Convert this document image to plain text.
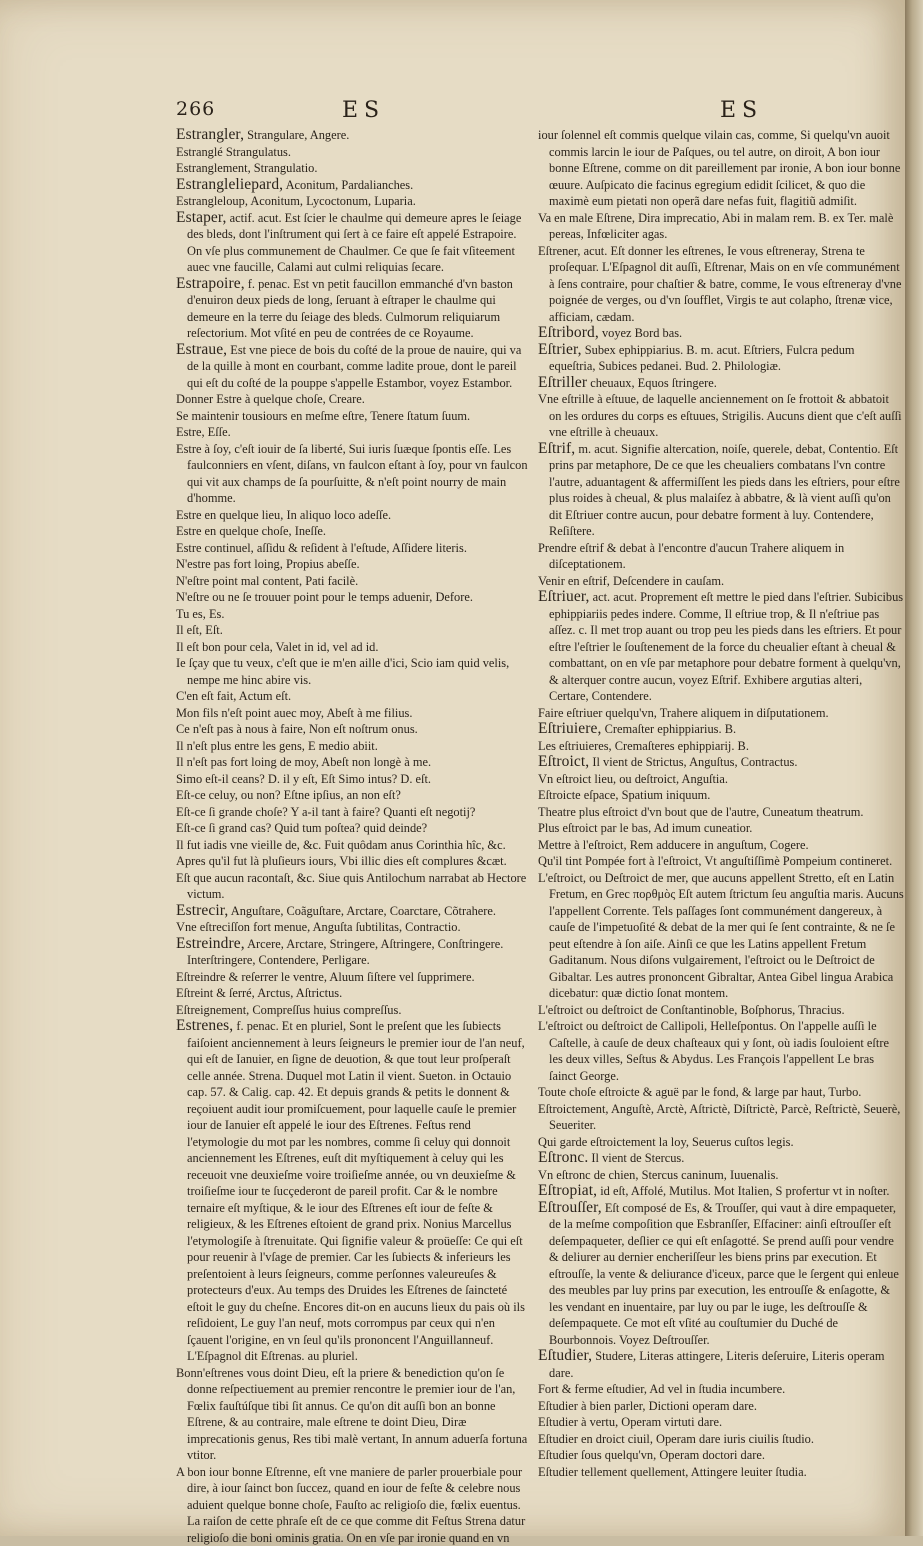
266	ES	ES

Estrangler, Strangulare, Angere.

Estranglé Strangulatus.

Estranglement, Strangulatio.

Estrangleliepard, Aconitum, Pardalianches.

Estrangleloup, Aconitum, Lycoctonum, Luparia.

Estaper, actif. acut. Est ſcier le chaulme qui demeure apres le ſeiage des bleds, dont l'inſtrument qui ſert à ce faire eſt appelé Estrapoire. On vſe plus communement de Chaulmer. Ce que ſe fait vſiteement auec vne faucille, Calami aut culmi reliquias ſecare.

Estrapoire, f. penac. Est vn petit faucillon emmanché d'vn baston d'enuiron deux pieds de long, ſeruant à eſtraper le chaulme qui demeure en la terre du ſeiage des bleds. Culmorum reliquiarum reſectorium. Mot vſité en peu de contrées de ce Royaume.

Estraue, Est vne piece de bois du coſté de la proue de nauire, qui va de la quille à mont en courbant, comme ladite proue, dont le pareil qui eſt du coſté de la pouppe s'appelle Estambor, voyez Estambor.

Donner Estre à quelque choſe, Creare.

Se maintenir tousiours en meſme eſtre, Tenere ſtatum ſuum.

Estre, Eſſe.

Estre à ſoy, c'eſt iouir de ſa liberté, Sui iuris ſuæque ſpontis eſſe. Les faulconniers en vſent, diſans, vn faulcon eſtant à ſoy, pour vn faulcon qui vit aux champs de ſa pourſuitte, & n'eſt point nourry de main d'homme.

Estre en quelque lieu, In aliquo loco adeſſe.

Estre en quelque choſe, Ineſſe.

Estre continuel, aſſidu & reſident à l'eſtude, Aſſidere literis.

N'estre pas fort loing, Propius abeſſe.

N'eſtre point mal content, Pati facilè.

N'eſtre ou ne ſe trouuer point pour le temps aduenir, Defore.

Tu es, Es.

Il eſt, Eſt.

Il eſt bon pour cela, Valet in id, vel ad id.

Ie ſçay que tu veux, c'eſt que ie m'en aille d'ici, Scio iam quid velis, nempe me hinc abire vis.

C'en eſt fait, Actum eſt.

Mon fils n'eſt point auec moy, Abeſt à me filius.

Ce n'eſt pas à nous à faire, Non eſt noſtrum onus.

Il n'eſt plus entre les gens, E medio abiit.

Il n'eſt pas fort loing de moy, Abeſt non longè à me.

Simo eſt-il ceans? D. il y eſt, Eſt Simo intus? D. eſt.

Eſt-ce celuy, ou non? Eſtne ipſius, an non eſt?

Eſt-ce ſi grande choſe? Y a-il tant à faire? Quanti eſt negotij?

Eſt-ce ſi grand cas? Quid tum poſtea? quid deinde?

Il fut iadis vne vieille de, &c. Fuit quôdam anus Corinthia hîc, &c.

Apres qu'il fut là pluſieurs iours, Vbi illic dies eſt complures &cæt.

Eſt que aucun racontaſt, &c. Siue quis Antilochum narrabat ab Hectore victum.

Estrecir, Anguſtare, Coãguſtare, Arctare, Coarctare, Cõtrahere.

Vne eſtreciſſon fort menue, Anguſta ſubtilitas, Contractio.

Estreindre, Arcere, Arctare, Stringere, Aſtringere, Conſtringere. Interſtringere, Contendere, Perligare.

Eſtreindre & reſerrer le ventre, Aluum ſiſtere vel ſupprimere.

Eſtreint & ſerré, Arctus, Aſtrictus.

Eſtreignement, Compreſſus huius compreſſus.

Estrenes, f. penac. Et en pluriel, Sont le preſent que les ſubiects faiſoient anciennement à leurs ſeigneurs le premier iour de l'an neuf, qui eſt de Ianuier, en ſigne de deuotion, & que tout leur proſperaſt celle année. Strena. Duquel mot Latin il vient. Sueton. in Octauio cap. 57. & Calig. cap. 42. Et depuis grands & petits le donnent & reçoiuent audit iour promiſcuement, pour laquelle cauſe le premier iour de Ianuier eſt appelé le iour des Eſtrenes. Feſtus rend l'etymologie du mot par les nombres, comme ſi celuy qui donnoit anciennement les Eſtrenes, euſt dit myſtiquement à celuy qui les receuoit vne deuxieſme voire troiſieſme année, ou vn deuxieſme & troiſieſme iour te ſucçederont de pareil profit. Car & le nombre ternaire eſt myſtique, & le iour des Eſtrenes eſt iour de feſte & religieux, & les Eſtrenes eſtoient de grand prix. Nonius Marcellus l'etymologiſe à ſtrenuitate. Qui ſignifie valeur & proüeſſe: Ce qui eſt pour reuenir à l'vſage de premier. Car les ſubiects & inferieurs les preſentoient à leurs ſeigneurs, comme perſonnes valeureuſes & protecteurs d'eux. Au temps des Druides les Eſtrenes de ſaincteté eſtoit le guy du cheſne. Encores dit-on en aucuns lieux du pais où ils reſidoient, Le guy l'an neuf, mots corrompus par ceux qui n'en ſçauent l'origine, en vn ſeul qu'ils prononcent l'Anguillanneuf. L'Eſpagnol dit Eſtrenas. au pluriel.

Bonn'eſtrenes vous doint Dieu, eſt la priere & benediction qu'on ſe donne reſpectiuement au premier rencontre le premier iour de l'an, Fœlix fauſtúſque tibi ſit annus. Ce qu'on dit auſſi bon an bonne Eſtrene, & au contraire, male eſtrene te doint Dieu, Diræ imprecationis genus, Res tibi malè vertant, In annum aduerſa fortuna vtitor.

A bon iour bonne Eſtrenne, eſt vne maniere de parler prouerbiale pour dire, à iour ſainct bon ſuccez, quand en iour de feſte & celebre nous aduient quelque bonne choſe, Fauſto ac religioſo die, fœlix euentus. La raiſon de cette phraſe eſt de ce que comme dit Feſtus Strena datur religioſo die boni ominis gratia. On en vſe par ironie quand en vn

iour ſolennel eſt commis quelque vilain cas, comme, Si quelqu'vn auoit commis larcin le iour de Paſques, ou tel autre, on diroit, A bon iour bonne Eſtrene, comme on dit pareillement par ironie, A bon iour bonne œuure. Auſpicato die facinus egregium edidit ſcilicet, & quo die maximè eum pietati non operã dare nefas fuit, flagitiũ admiſit.

Va en male Eſtrene, Dira imprecatio, Abi in malam rem. B. ex Ter. malè pereas, Infœliciter agas.

Eſtrener, acut. Eſt donner les eſtrenes, Ie vous eſtreneray, Strena te proſequar. L'Eſpagnol dit auſſi, Eſtrenar, Mais on en vſe communément à ſens contraire, pour chaſtier & batre, comme, Ie vous eſtreneray d'vne poignée de verges, ou d'vn ſoufflet, Virgis te aut colapho, ſtrenæ vice, afficiam, cædam.

Eſtribord, voyez Bord bas.

Eſtrier, Subex ephippiarius. B. m. acut. Eſtriers, Fulcra pedum equeſtria, Subices pedanei. Bud. 2. Philologiæ.

Eſtriller cheuaux, Equos ſtringere.

Vne eſtrille à eſtuue, de laquelle anciennement on ſe frottoit & abbatoit on les ordures du corps es eſtuues, Strigilis. Aucuns dient que c'eſt auſſi vne eſtrille à cheuaux.

Eſtrif, m. acut. Signifie altercation, noiſe, querele, debat, Contentio. Eſt prins par metaphore, De ce que les cheualiers combatans l'vn contre l'autre, aduantagent & affermiſſent les pieds dans les eſtriers, pour eſtre plus roides à cheual, & plus malaiſez à abbatre, & là vient auſſi qu'on dit Eſtriuer contre aucun, pour debatre forment à luy. Contendere, Reſiſtere.

Prendre eſtrif & debat à l'encontre d'aucun Trahere aliquem in diſceptationem.

Venir en eſtrif, Deſcendere in cauſam.

Eſtriuer, act. acut. Proprement eſt mettre le pied dans l'eſtrier. Subicibus ephippiariis pedes indere. Comme, Il eſtriue trop, & Il n'eſtriue pas aſſez. c. Il met trop auant ou trop peu les pieds dans les eſtriers. Et pour eſtre l'eſtrier le ſouſtenement de la force du cheualier eſtant à cheual & combattant, on en vſe par metaphore pour debatre forment à quelqu'vn, & alterquer contre aucun, voyez Eſtrif. Exhibere argutias alteri, Certare, Contendere.

Faire eſtriuer quelqu'vn, Trahere aliquem in diſputationem.

Eſtriuiere, Cremaſter ephippiarius. B.

Les eſtriuieres, Cremaſteres ephippiarij. B.

Eſtroict, Il vient de Strictus, Anguſtus, Contractus.

Vn eſtroict lieu, ou deſtroict, Anguſtia.

Eſtroicte eſpace, Spatium iniquum.

Theatre plus eſtroict d'vn bout que de l'autre, Cuneatum theatrum.

Plus eſtroict par le bas, Ad imum cuneatior.

Mettre à l'eſtroict, Rem adducere in anguſtum, Cogere.

Qu'il tint Pompée fort à l'eſtroict, Vt anguſtiſſimè Pompeium contineret.

L'eſtroict, ou Deſtroict de mer, que aucuns appellent Stretto, eſt en Latin Fretum, en Grec πορθμὸς Eſt autem ſtrictum ſeu anguſtia maris. Aucuns l'appellent Corrente. Tels paſſages ſont communément dangereux, à cauſe de l'impetuoſité & debat de la mer qui ſe ſent contrainte, & ne ſe peut eſtendre à ſon aiſe. Ainſi ce que les Latins appellent Fretum Gaditanum. Nous diſons vulgairement, l'eſtroict ou le Deſtroict de Gibaltar. Les autres prononcent Gibraltar, Antea Gibel lingua Arabica dicebatur: quæ dictio ſonat montem.

L'eſtroict ou deſtroict de Conſtantinoble, Boſphorus, Thracius.

L'eſtroict ou deſtroict de Callipoli, Helleſpontus. On l'appelle auſſi le Caſtelle, à cauſe de deux chaſteaux qui y ſont, où iadis ſouloient eſtre les deux villes, Seſtus & Abydus. Les François l'appellent Le bras ſainct George.

Toute choſe eſtroicte & aguë par le fond, & large par haut, Turbo.

Eſtroictement, Anguſtè, Arctè, Aſtrictè, Diſtrictè, Parcè, Reſtrictè, Seuerè, Seueriter.

Qui garde eſtroictement la loy, Seuerus cuſtos legis.

Eſtronc. Il vient de Stercus.

Vn eſtronc de chien, Stercus caninum, Iuuenalis.

Eſtropiat, id eſt, Affolé, Mutilus. Mot Italien, S profertur vt in noſter.

Eſtrouſſer, Eſt composé de Es, & Trouſſer, qui vaut à dire empaqueter, de la meſme compoſition que Esbranſſer, Eſfaciner: ainſi eſtrouſſer eſt deſempaqueter, deſlier ce qui eſt enſagotté. Se prend auſſi pour vendre & deliurer au dernier encheriſſeur les biens prins par execution. Et eſtrouſſe, la vente & deliurance d'iceux, parce que le ſergent qui enleue des meubles par luy prins par execution, les entrouſſe & enſagotte, & les vendant en inuentaire, par luy ou par le iuge, les deſtrouſſe & deſempaquete. Ce mot eſt vſité au couſtumier du Duché de Bourbonnois. Voyez Deſtrouſſer.

Eſtudier, Studere, Literas attingere, Literis deſeruire, Literis operam dare.

Fort & ferme eſtudier, Ad vel in ſtudia incumbere.

Eſtudier à bien parler, Dictioni operam dare.

Eſtudier à vertu, Operam virtuti dare.

Eſtudier en droict ciuil, Operam dare iuris ciuilis ſtudio.

Eſtudier ſous quelqu'vn, Operam doctori dare.

Eſtudier tellement quellement, Attingere leuiter ſtudia.
